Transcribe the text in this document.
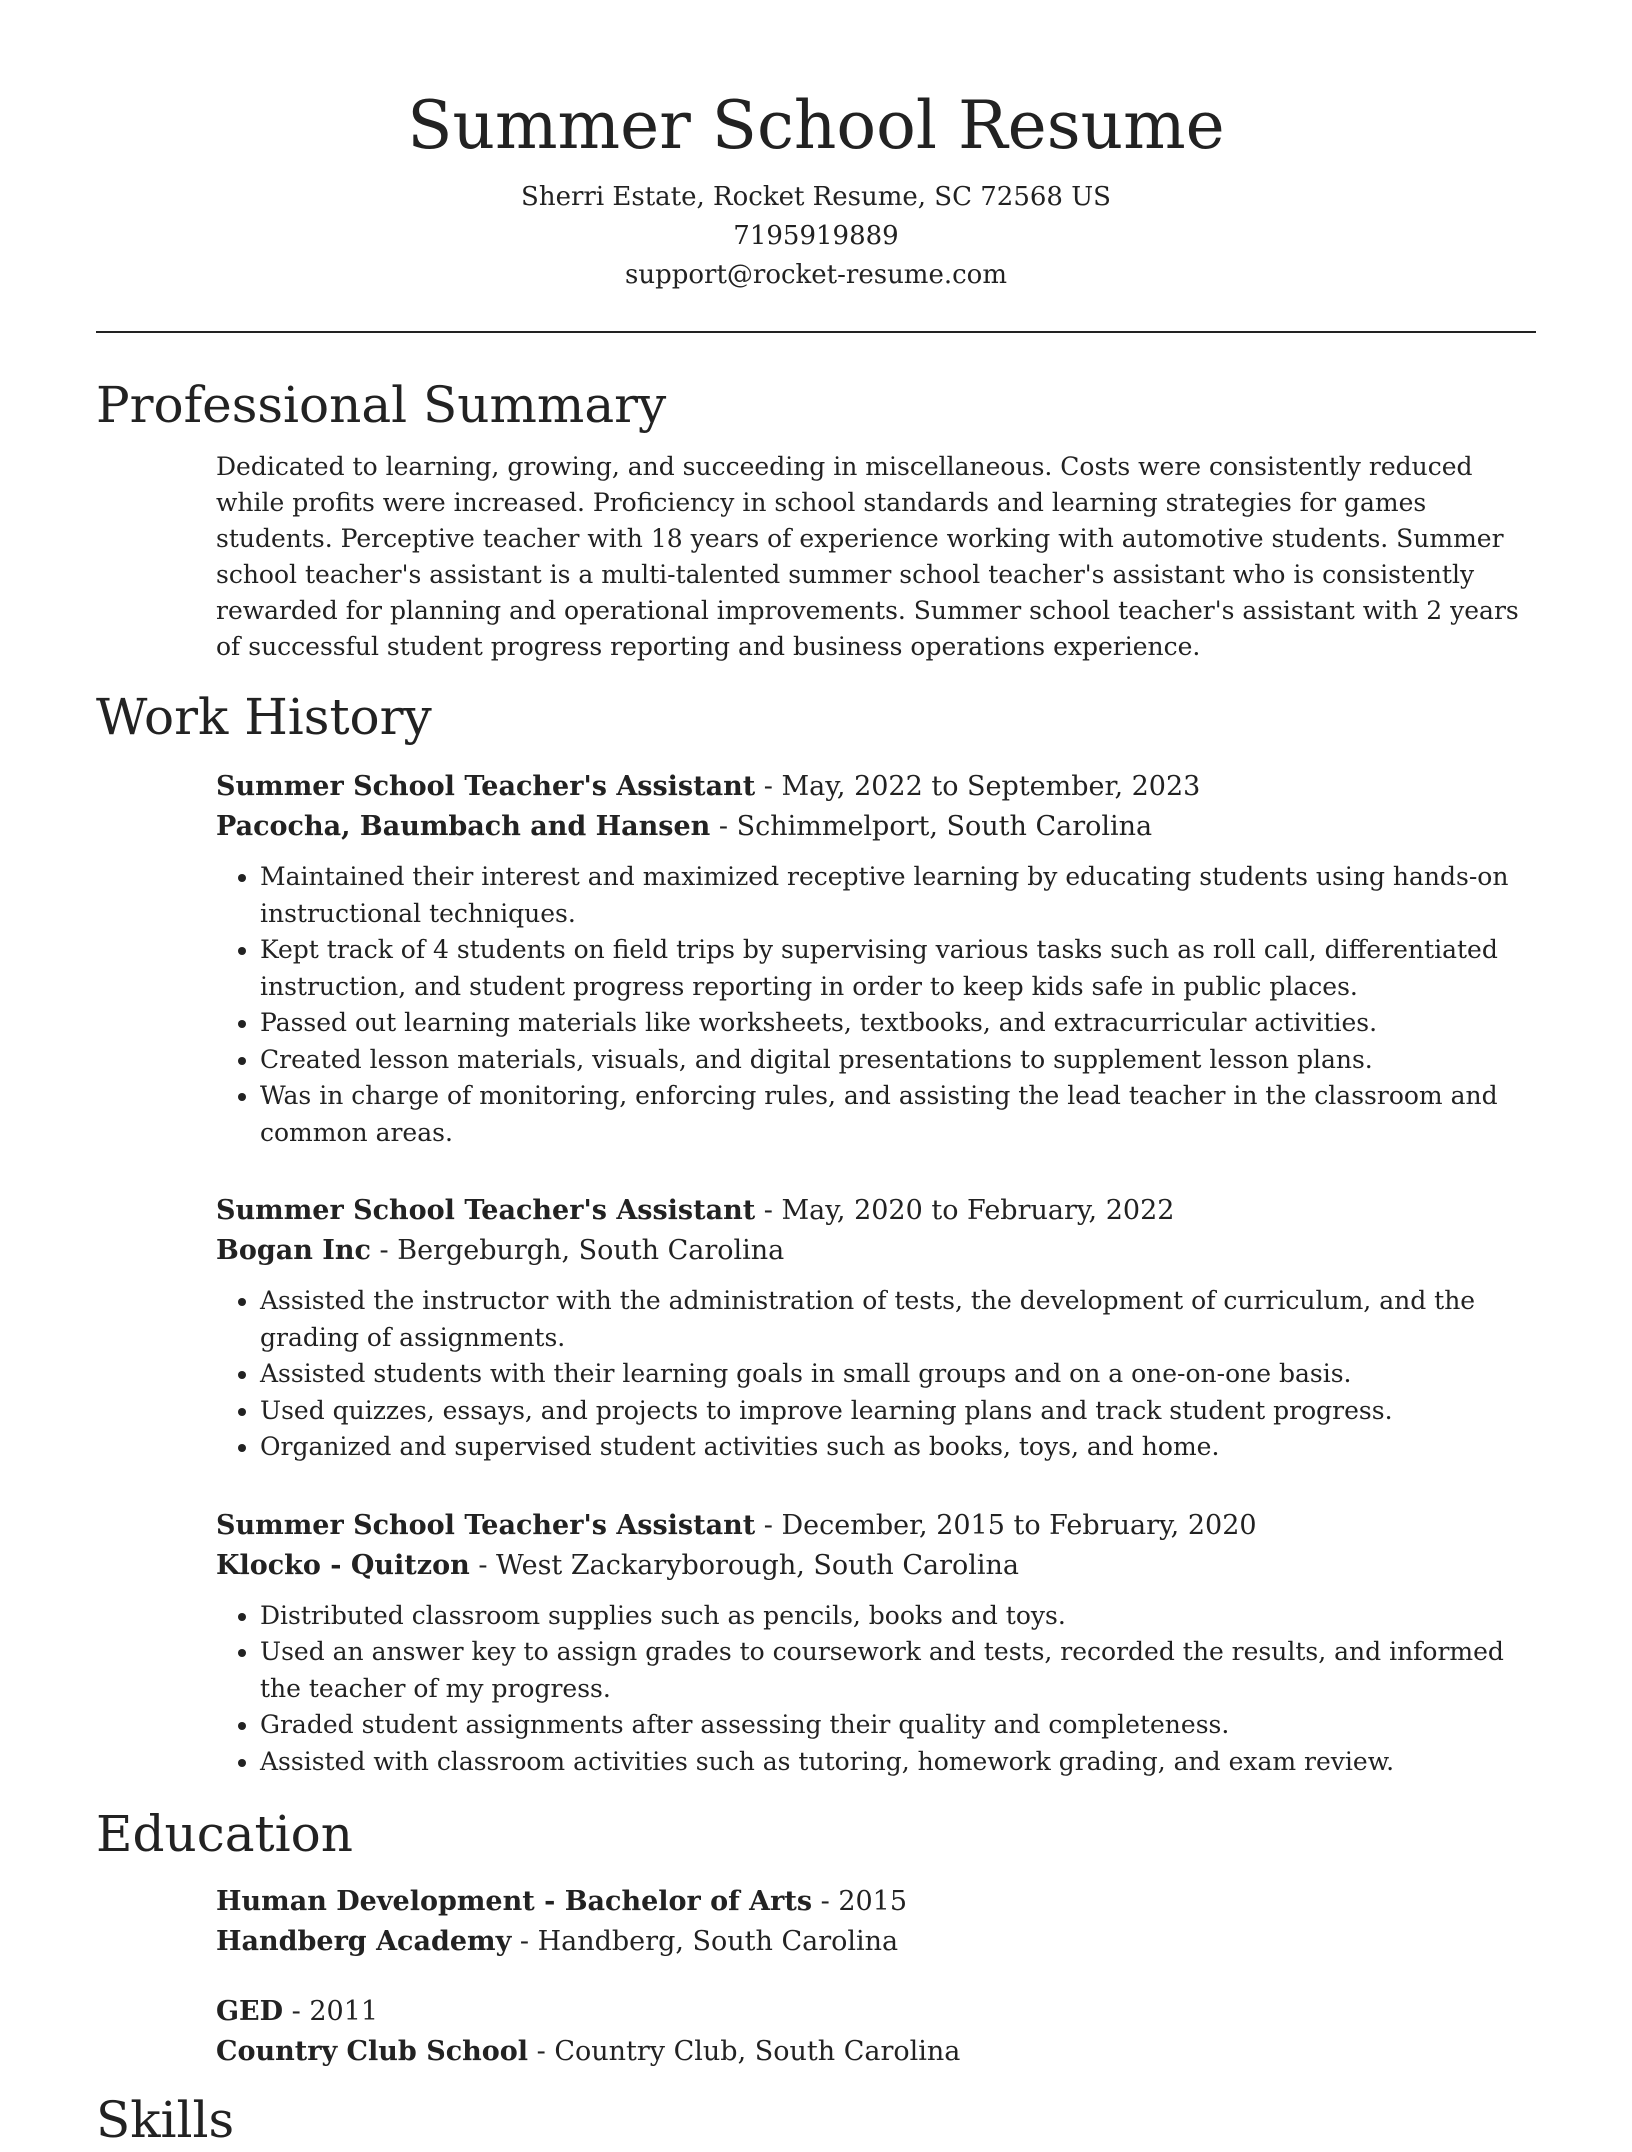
Summer School Resume
Sherri Estate, Rocket Resume, SC 72568 US
7195919889
support@rocket-resume.com
Professional Summary

Dedicated to learning, growing, and succeeding in miscellaneous. Costs were consistently reduced while profits were increased. Proficiency in school standards and learning strategies for games students. Perceptive teacher with 18 years of experience working with automotive students. Summer school teacher's assistant is a multi-talented summer school teacher's assistant who is consistently rewarded for planning and operational improvements. Summer school teacher's assistant with 2 years of successful student progress reporting and business operations experience.

Work History
Summer School Teacher's Assistant - May, 2022 to September, 2023
Pacocha, Baumbach and Hansen - Schimmelport, South Carolina
• Maintained their interest and maximized receptive learning by educating students using hands-on instructional techniques.
• Kept track of 4 students on field trips by supervising various tasks such as roll call, differentiated instruction, and student progress reporting in order to keep kids safe in public places.
• Passed out learning materials like worksheets, textbooks, and extracurricular activities.
• Created lesson materials, visuals, and digital presentations to supplement lesson plans.
• Was in charge of monitoring, enforcing rules, and assisting the lead teacher in the classroom and common areas.
Summer School Teacher's Assistant - May, 2020 to February, 2022
Bogan Inc - Bergeburgh, South Carolina
• Assisted the instructor with the administration of tests, the development of curriculum, and the grading of assignments.
• Assisted students with their learning goals in small groups and on a one-on-one basis.
• Used quizzes, essays, and projects to improve learning plans and track student progress.
• Organized and supervised student activities such as books, toys, and home.
Summer School Teacher's Assistant - December, 2015 to February, 2020
Klocko - Quitzon - West Zackaryborough, South Carolina
• Distributed classroom supplies such as pencils, books and toys.
• Used an answer key to assign grades to coursework and tests, recorded the results, and informed the teacher of my progress.
• Graded student assignments after assessing their quality and completeness.
• Assisted with classroom activities such as tutoring, homework grading, and exam review.
Education
Human Development - Bachelor of Arts - 2015
Handberg Academy - Handberg, South Carolina
GED - 2011
Country Club School - Country Club, South Carolina
Skills
